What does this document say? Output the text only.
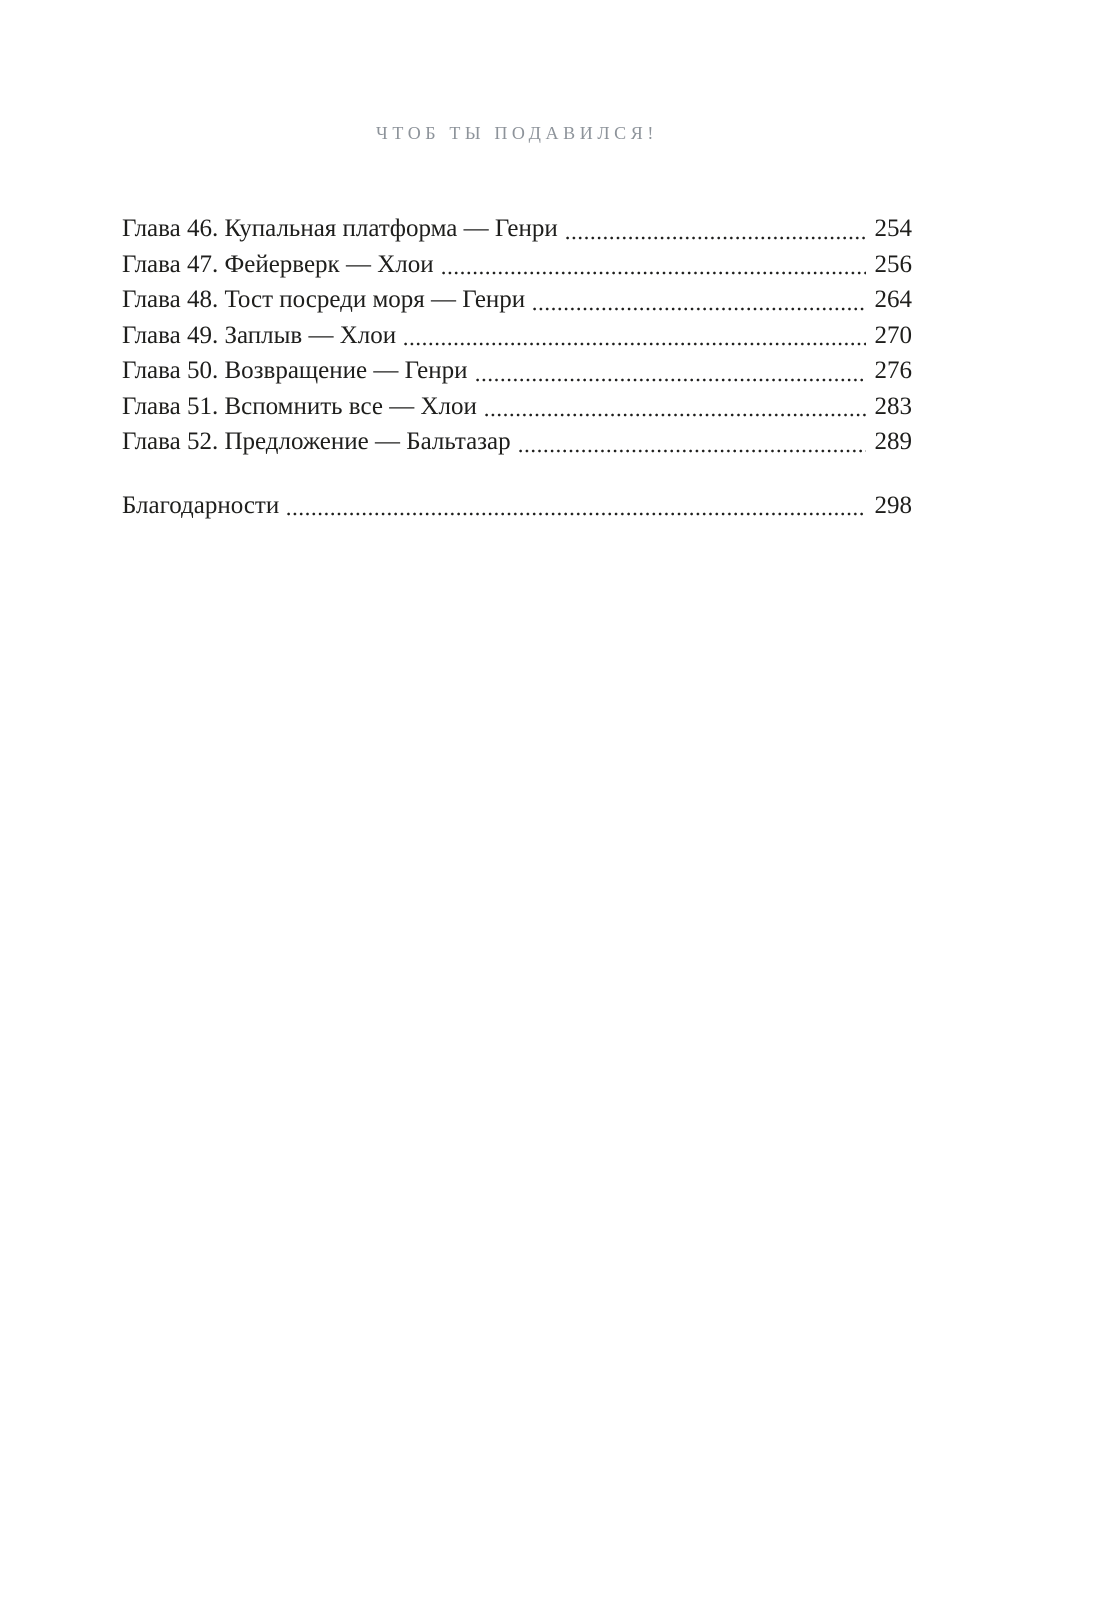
ЧТОБ ТЫ ПОДАВИЛСЯ!
Глава 46. Купальная платформа — Генри	254
Глава 47. Фейерверк — Хлои	256
Глава 48. Тост посреди моря — Генри	264
Глава 49. Заплыв — Хлои	270
Глава 50. Возвращение — Генри	276
Глава 51. Вспомнить все — Хлои	283
Глава 52. Предложение — Бальтазар	289
Благодарности	298
